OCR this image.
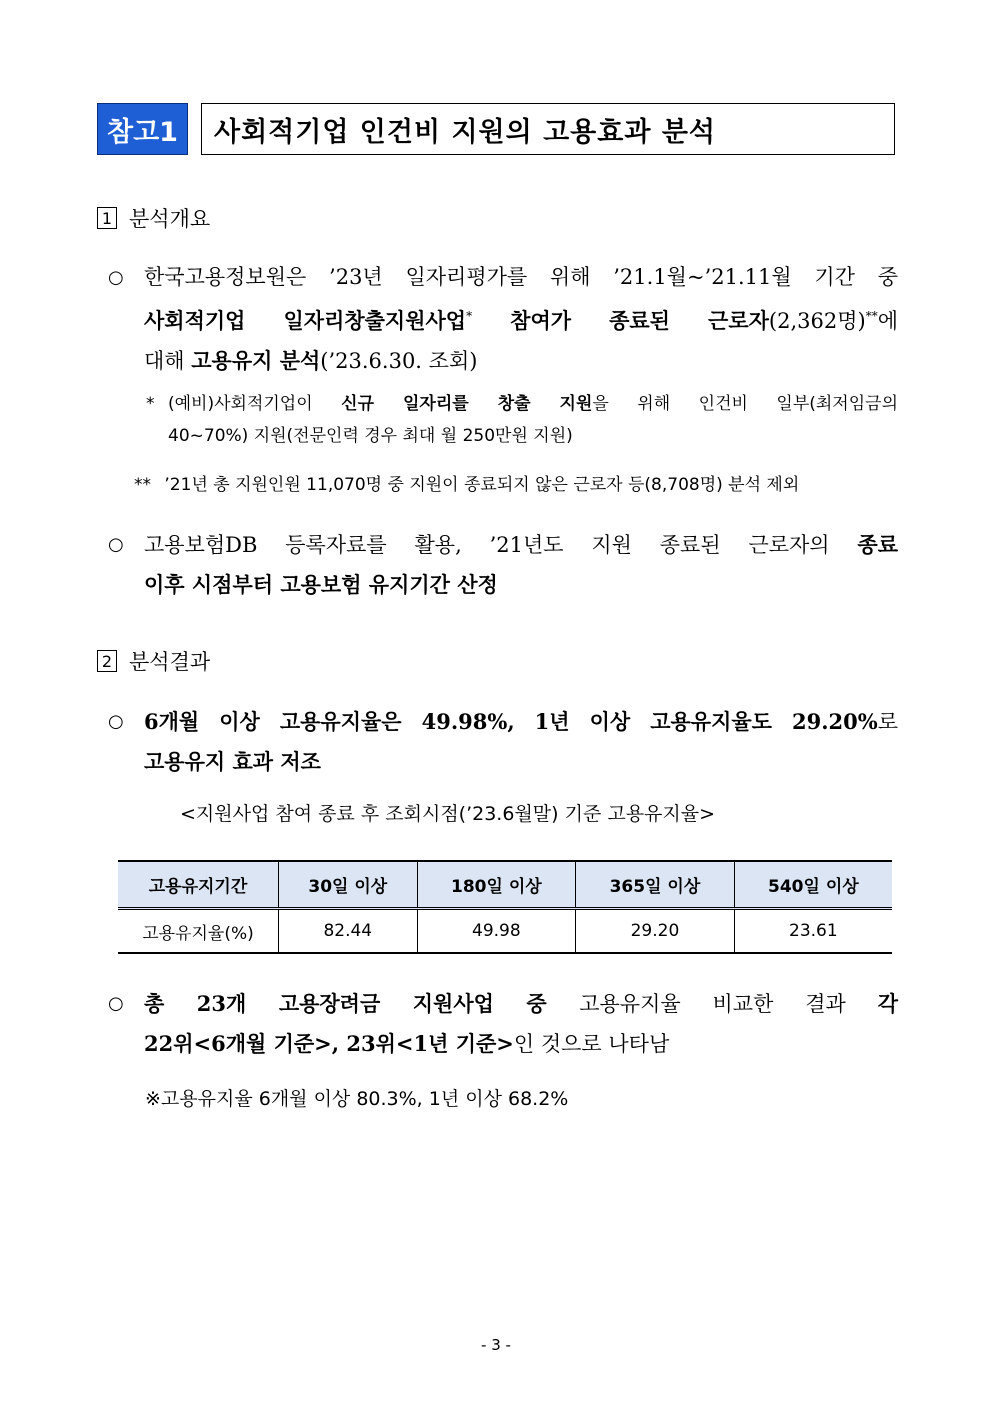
참고1	사회적기업 인건비 지원의 고용효과 분석
1 분석개요
○ 한국고용정보원은 ’23년 일자리평가를 위해 ’21.1월~’21.11월 기간 중
사회적기업 일자리창출지원사업* 참여가 종료된 근로자(2,362명)**에
대해 고용유지 분석(’23.6.30. 조회)
* (예비)사회적기업이 신규 일자리를 창출 지원을 위해 인건비 일부(최저임금의
40~70%) 지원(전문인력 경우 최대 월 250만원 지원)
** ’21년 총 지원인원 11,070명 중 지원이 종료되지 않은 근로자 등(8,708명) 분석 제외
○ 고용보험DB 등록자료를 활용, ’21년도 지원 종료된 근로자의 종료
이후 시점부터 고용보험 유지기간 산정
2 분석결과
○ 6개월 이상 고용유지율은 49.98%, 1년 이상 고용유지율도 29.20%로
고용유지 효과 저조
<지원사업 참여 종료 후 조회시점(’23.6월말) 기준 고용유지율>
고용유지기간	30일 이상	180일 이상	365일 이상	540일 이상
고용유지율(%)	82.44	49.98	29.20	23.61
○ 총 23개 고용장려금 지원사업 중 고용유지율 비교한 결과 각
22위<6개월 기준>, 23위<1년 기준>인 것으로 나타남
※고용유지율 6개월 이상 80.3%, 1년 이상 68.2%
- 3 -
